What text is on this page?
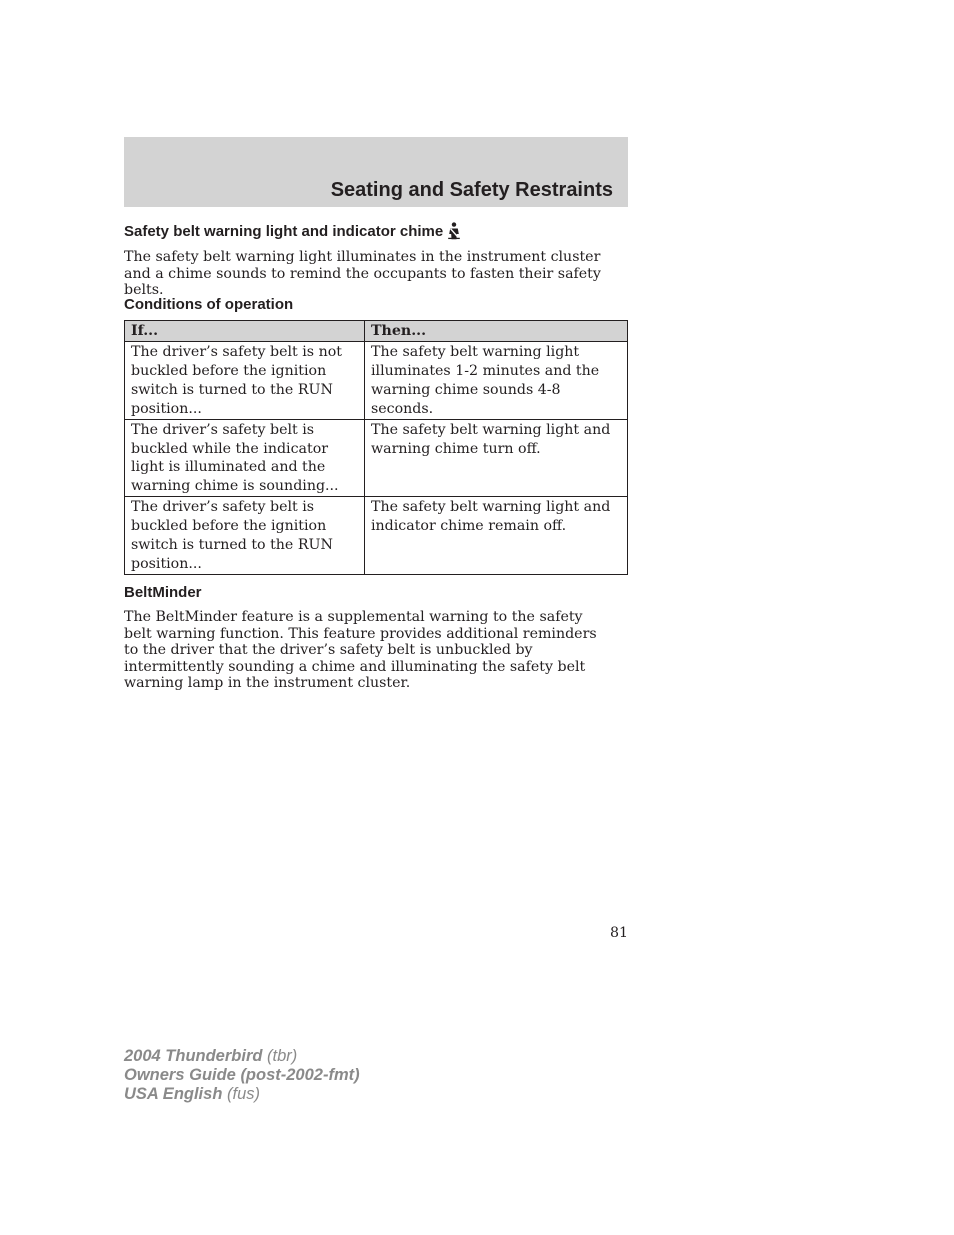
Seating and Safety Restraints
Safety belt warning light and indicator chime
The safety belt warning light illuminates in the instrument cluster and a chime sounds to remind the occupants to fasten their safety belts.
Conditions of operation
If...	Then...
The driver’s safety belt is not buckled before the ignition switch is turned to the RUN position...	The safety belt warning light illuminates 1-2 minutes and the warning chime sounds 4-8 seconds.
The driver’s safety belt is buckled while the indicator light is illuminated and the warning chime is sounding...	The safety belt warning light and warning chime turn off.
The driver’s safety belt is buckled before the ignition switch is turned to the RUN position...	The safety belt warning light and indicator chime remain off.
BeltMinder
The BeltMinder feature is a supplemental warning to the safety belt warning function. This feature provides additional reminders to the driver that the driver’s safety belt is unbuckled by intermittently sounding a chime and illuminating the safety belt warning lamp in the instrument cluster.
81
2004 Thunderbird (tbr)
Owners Guide (post-2002-fmt)
USA English (fus)
